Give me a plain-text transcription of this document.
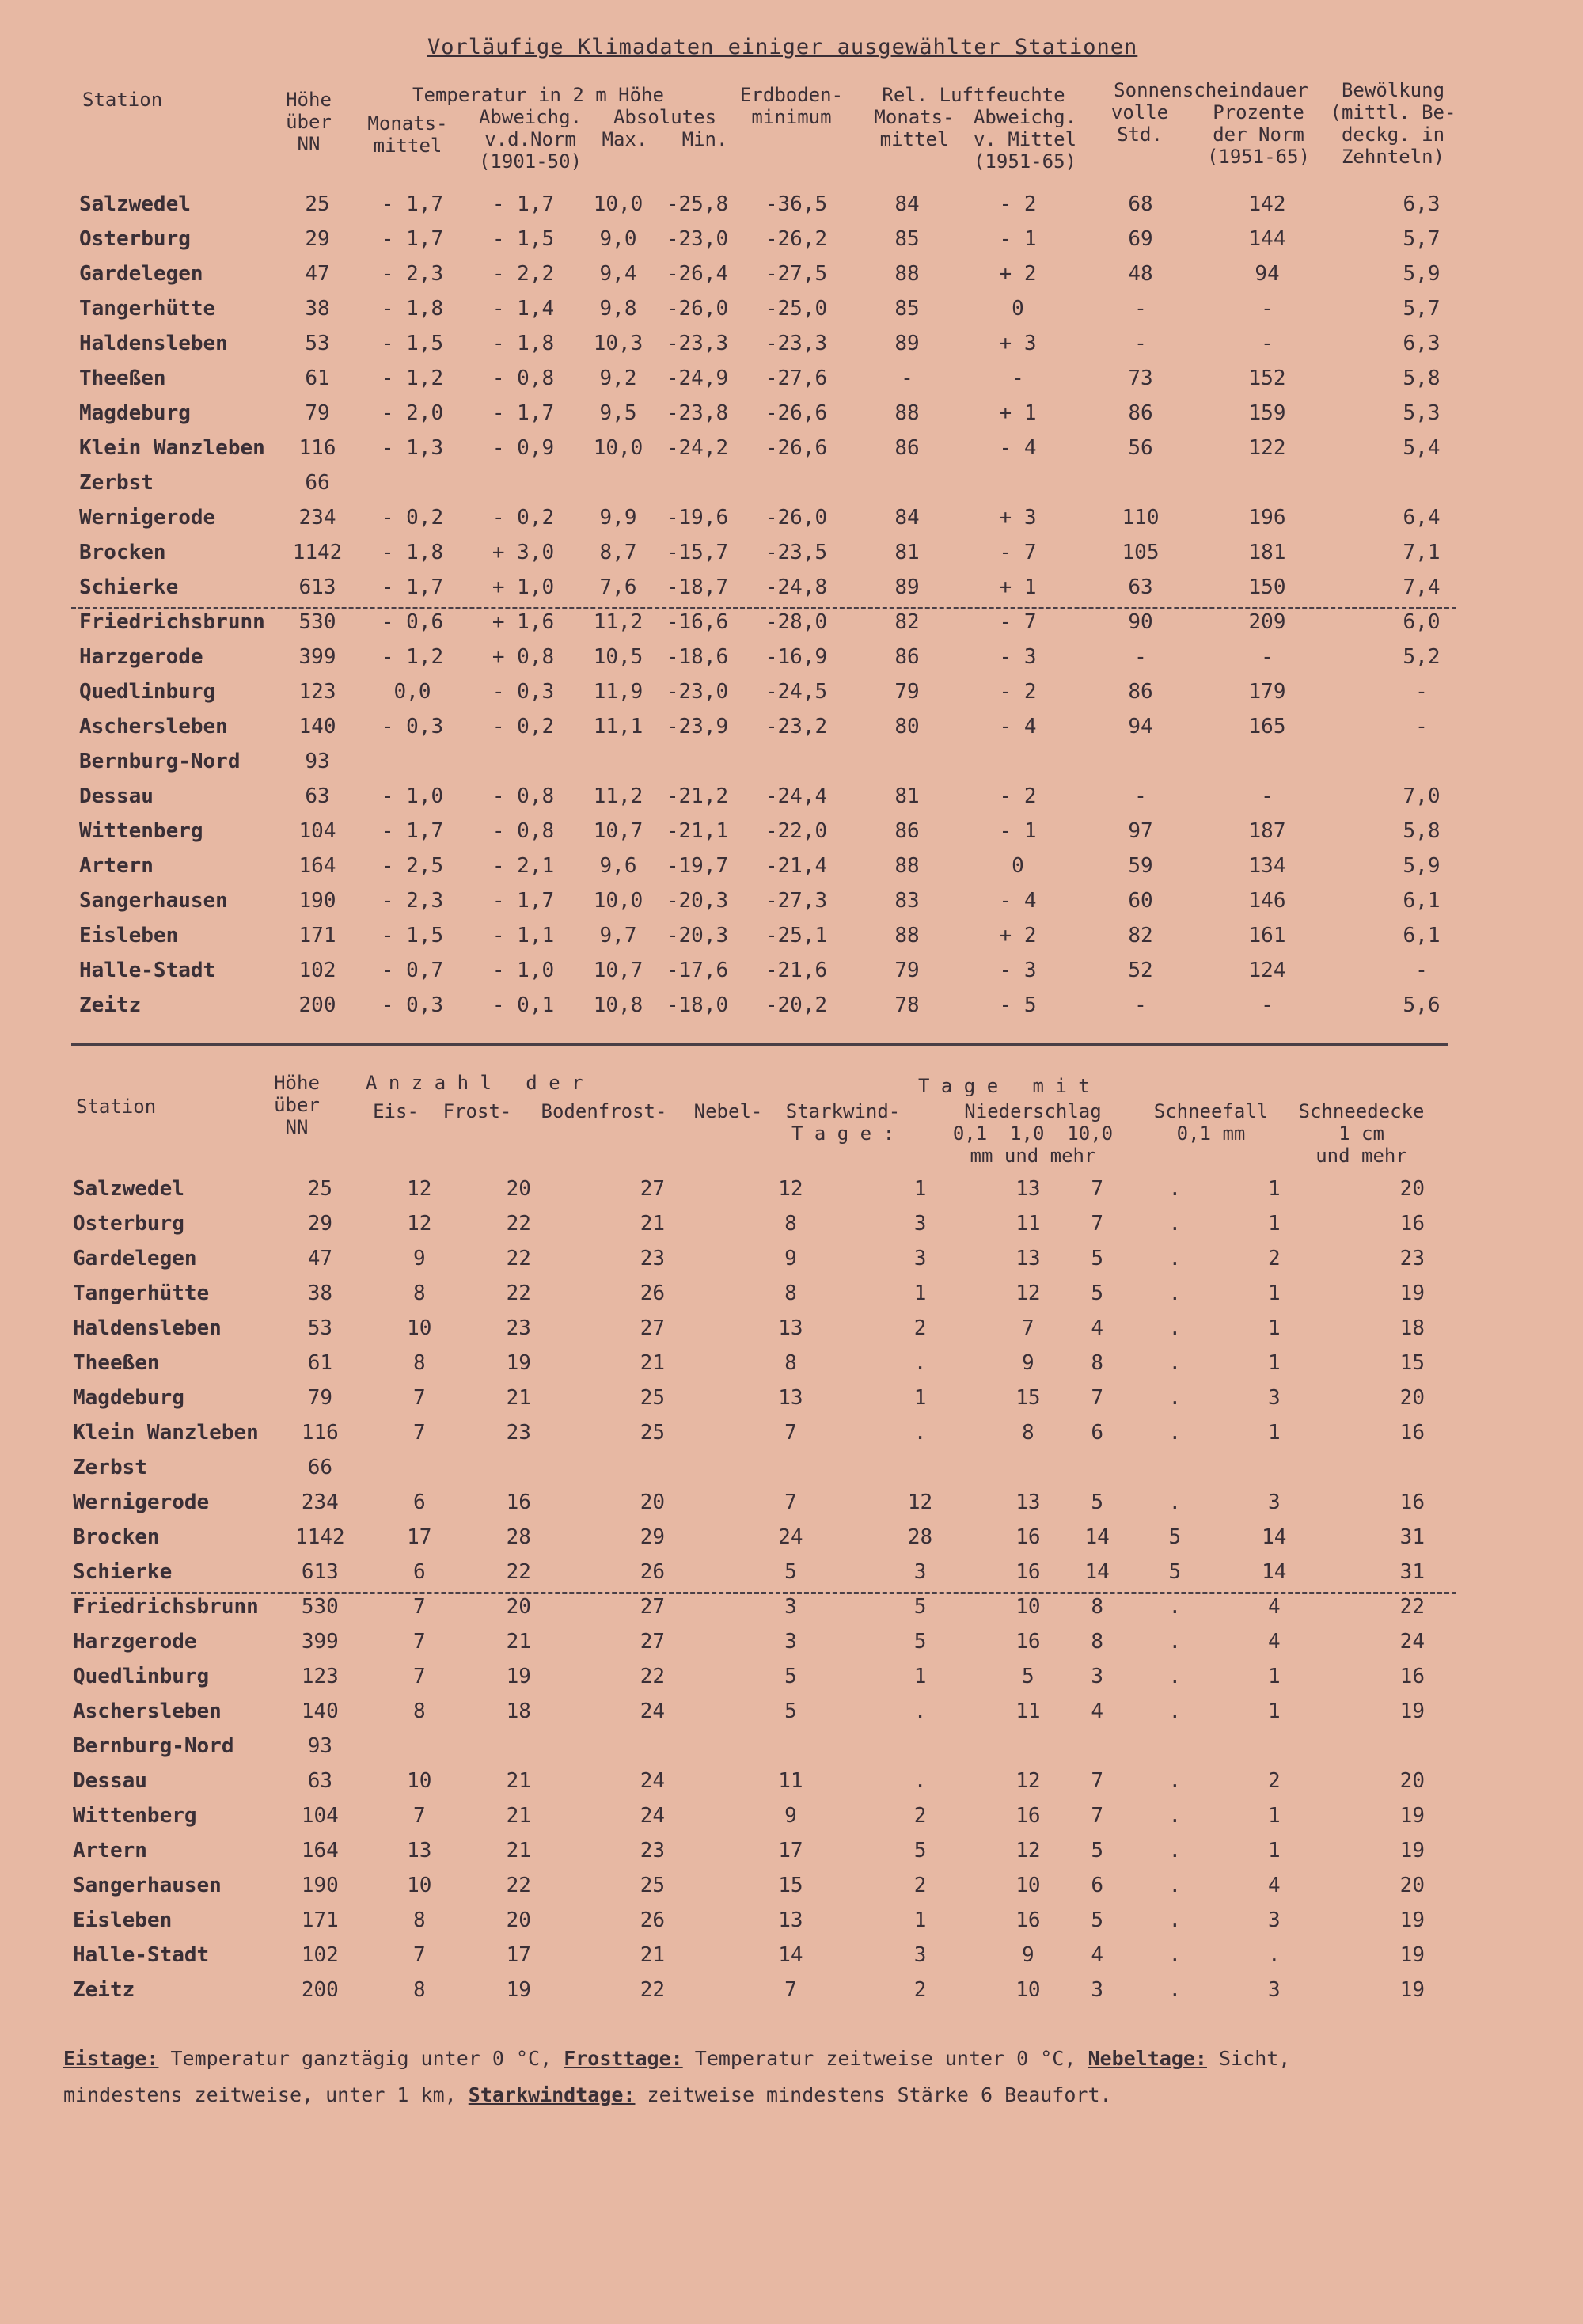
Vorläufige Klimadaten einiger ausgewählter Stationen
Station	Höhe
über
NN
Temperatur in 2 m Höhe
Monats-
mittel
Abweichg.
v.d.Norm
(1901-50)
Absolutes
Max.   Min.
Erdboden-
minimum
Rel. Luftfeuchte
Monats-
mittel
Abweichg.
v. Mittel
(1951-65)
Sonnenscheindauer
volle
Std.
Prozente
der Norm
(1951-65)
Bewölkung
(mittl. Be-
deckg. in
Zehnteln)
Salzwedel	25	- 1,7	- 1,7	10,0	-25,8	-36,5	84	- 2	68	142	6,3
Osterburg	29	- 1,7	- 1,5	9,0	-23,0	-26,2	85	- 1	69	144	5,7
Gardelegen	47	- 2,3	- 2,2	9,4	-26,4	-27,5	88	+ 2	48	94	5,9
Tangerhütte	38	- 1,8	- 1,4	9,8	-26,0	-25,0	85	0	-	-	5,7
Haldensleben	53	- 1,5	- 1,8	10,3	-23,3	-23,3	89	+ 3	-	-	6,3
Theeßen	61	- 1,2	- 0,8	9,2	-24,9	-27,6	-	-	73	152	5,8
Magdeburg	79	- 2,0	- 1,7	9,5	-23,8	-26,6	88	+ 1	86	159	5,3
Klein Wanzleben	116	- 1,3	- 0,9	10,0	-24,2	-26,6	86	- 4	56	122	5,4
Zerbst	66										
Wernigerode	234	- 0,2	- 0,2	9,9	-19,6	-26,0	84	+ 3	110	196	6,4
Brocken	1142	- 1,8	+ 3,0	8,7	-15,7	-23,5	81	- 7	105	181	7,1
Schierke	613	- 1,7	+ 1,0	7,6	-18,7	-24,8	89	+ 1	63	150	7,4
Friedrichsbrunn	530	- 0,6	+ 1,6	11,2	-16,6	-28,0	82	- 7	90	209	6,0
Harzgerode	399	- 1,2	+ 0,8	10,5	-18,6	-16,9	86	- 3	-	-	5,2
Quedlinburg	123	0,0	- 0,3	11,9	-23,0	-24,5	79	- 2	86	179	-
Aschersleben	140	- 0,3	- 0,2	11,1	-23,9	-23,2	80	- 4	94	165	-
Bernburg-Nord	93										
Dessau	63	- 1,0	- 0,8	11,2	-21,2	-24,4	81	- 2	-	-	7,0
Wittenberg	104	- 1,7	- 0,8	10,7	-21,1	-22,0	86	- 1	97	187	5,8
Artern	164	- 2,5	- 2,1	9,6	-19,7	-21,4	88	0	59	134	5,9
Sangerhausen	190	- 2,3	- 1,7	10,0	-20,3	-27,3	83	- 4	60	146	6,1
Eisleben	171	- 1,5	- 1,1	9,7	-20,3	-25,1	88	+ 2	82	161	6,1
Halle-Stadt	102	- 0,7	- 1,0	10,7	-17,6	-21,6	79	- 3	52	124	-
Zeitz	200	- 0,3	- 0,1	10,8	-18,0	-20,2	78	- 5	-	-	5,6
Station
Höhe
über
NN
A n z a h l   d e r
Eis-	Frost-	Bodenfrost-	Nebel-	Starkwind-
T a g e :
T a g e   m i t
Niederschlag
0,1  1,0  10,0
mm und mehr
Schneefall
0,1 mm
Schneedecke
1 cm
und mehr
Salzwedel	25	12	20	27	12	1	13	7	.	1	20
Osterburg	29	12	22	21	8	3	11	7	.	1	16
Gardelegen	47	9	22	23	9	3	13	5	.	2	23
Tangerhütte	38	8	22	26	8	1	12	5	.	1	19
Haldensleben	53	10	23	27	13	2	7	4	.	1	18
Theeßen	61	8	19	21	8	.	9	8	.	1	15
Magdeburg	79	7	21	25	13	1	15	7	.	3	20
Klein Wanzleben	116	7	23	25	7	.	8	6	.	1	16
Zerbst	66										
Wernigerode	234	6	16	20	7	12	13	5	.	3	16
Brocken	1142	17	28	29	24	28	16	14	5	14	31
Schierke	613	6	22	26	5	3	16	14	5	14	31
Friedrichsbrunn	530	7	20	27	3	5	10	8	.	4	22
Harzgerode	399	7	21	27	3	5	16	8	.	4	24
Quedlinburg	123	7	19	22	5	1	5	3	.	1	16
Aschersleben	140	8	18	24	5	.	11	4	.	1	19
Bernburg-Nord	93										
Dessau	63	10	21	24	11	.	12	7	.	2	20
Wittenberg	104	7	21	24	9	2	16	7	.	1	19
Artern	164	13	21	23	17	5	12	5	.	1	19
Sangerhausen	190	10	22	25	15	2	10	6	.	4	20
Eisleben	171	8	20	26	13	1	16	5	.	3	19
Halle-Stadt	102	7	17	21	14	3	9	4	.	.	19
Zeitz	200	8	19	22	7	2	10	3	.	3	19
Eistage: Temperatur ganztägig unter 0 °C, Frosttage: Temperatur zeitweise unter 0 °C, Nebeltage: Sicht,
mindestens zeitweise, unter 1 km, Starkwindtage: zeitweise mindestens Stärke 6 Beaufort.
